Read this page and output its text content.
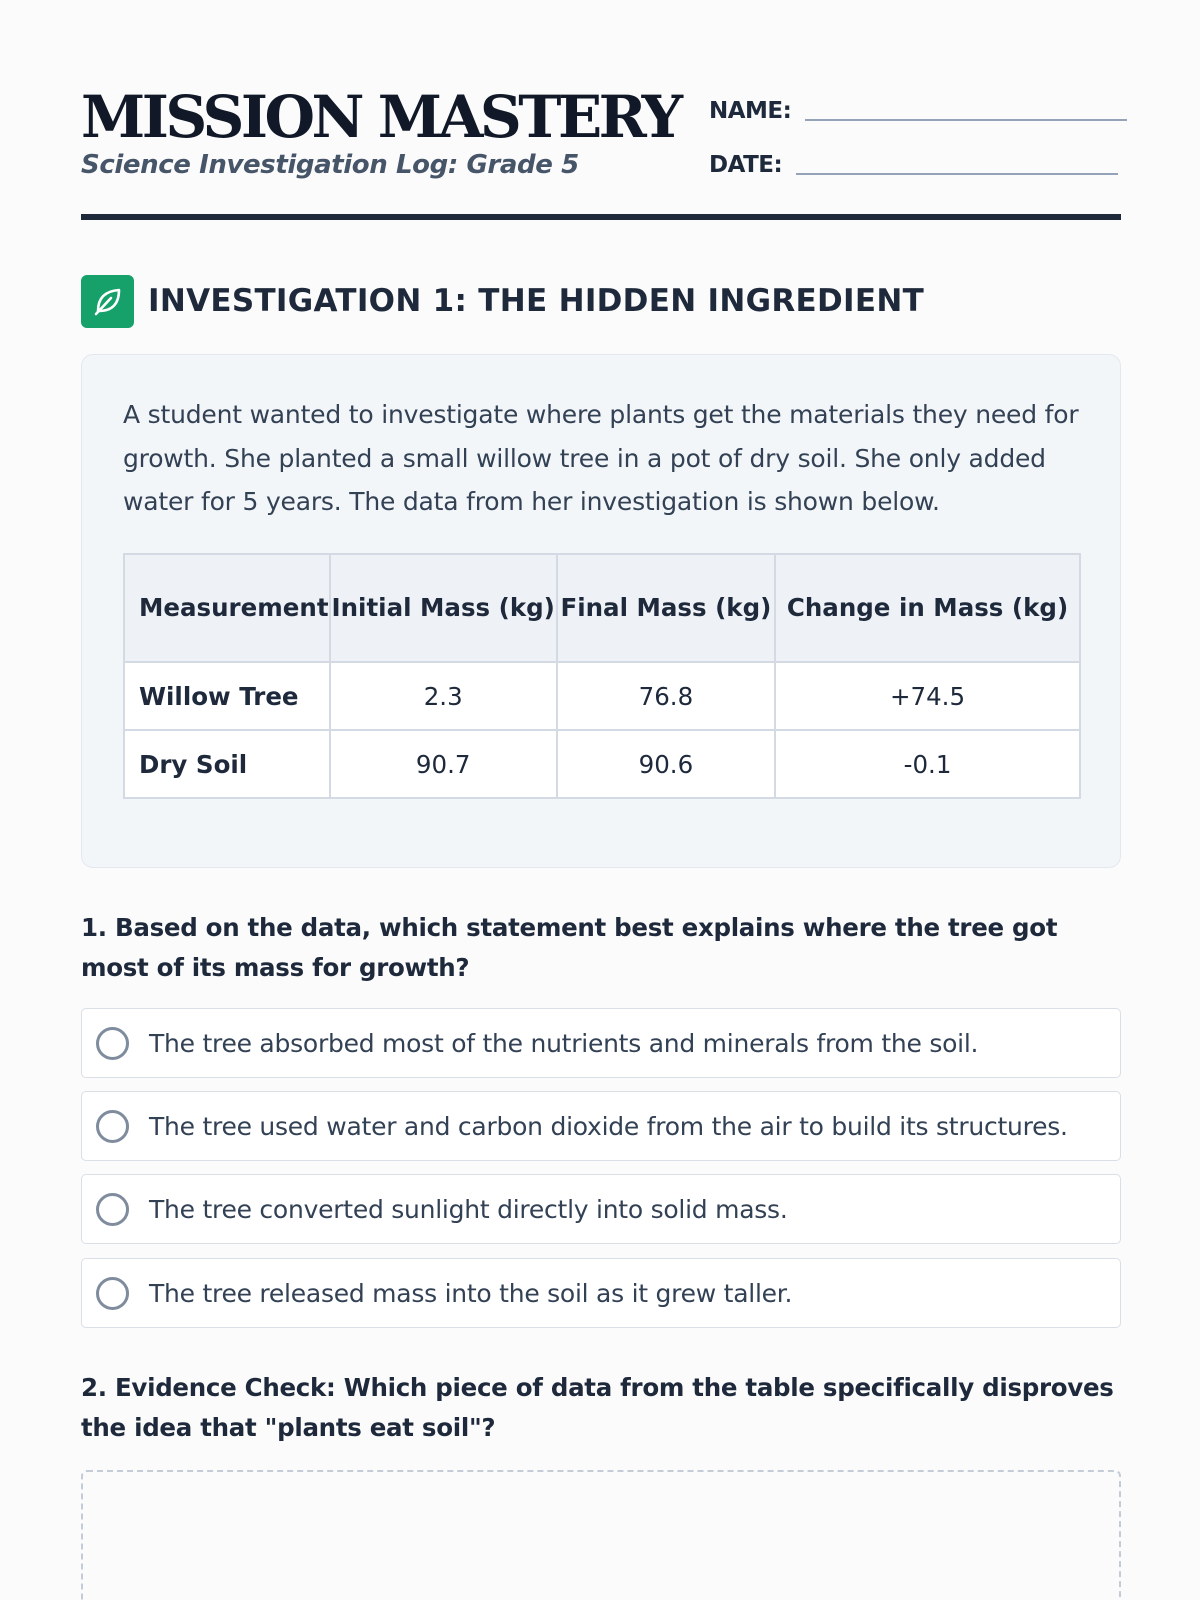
MISSION MASTERY
Science Investigation Log: Grade 5
NAME:
DATE:
INVESTIGATION 1: THE HIDDEN INGREDIENT

A student wanted to investigate where plants get the materials they need for growth. She planted a small willow tree in a pot of dry soil. She only added water for 5 years. The data from her investigation is shown below.

Measurement	Initial Mass (kg)	Final Mass (kg)	Change in Mass (kg)
Willow Tree	2.3	76.8	+74.5
Dry Soil	90.7	90.6	-0.1
1. Based on the data, which statement best explains where the tree got most of its mass for growth?
The tree absorbed most of the nutrients and minerals from the soil.
The tree used water and carbon dioxide from the air to build its structures.
The tree converted sunlight directly into solid mass.
The tree released mass into the soil as it grew taller.
2. Evidence Check: Which piece of data from the table specifically disproves the idea that "plants eat soil"?
